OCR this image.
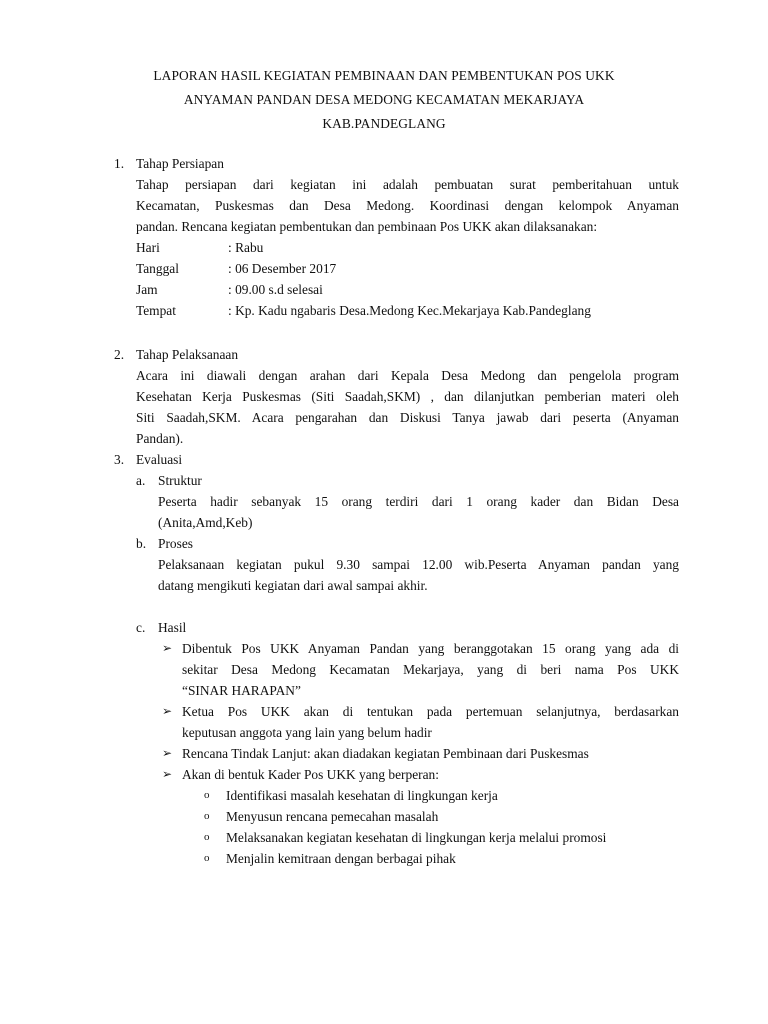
LAPORAN HASIL KEGIATAN PEMBINAAN DAN PEMBENTUKAN POS UKK
ANYAMAN PANDAN DESA MEDONG KECAMATAN MEKARJAYA
KAB.PANDEGLANG
1. Tahap Persiapan
Tahap persiapan dari kegiatan ini adalah pembuatan surat pemberitahuan untuk
Kecamatan, Puskesmas dan Desa Medong. Koordinasi dengan kelompok Anyaman
pandan. Rencana kegiatan pembentukan dan pembinaan Pos UKK akan dilaksanakan:
Hari	: Rabu
Tanggal	: 06 Desember 2017
Jam	: 09.00 s.d selesai
Tempat	: Kp. Kadu ngabaris Desa.Medong Kec.Mekarjaya Kab.Pandeglang
2. Tahap Pelaksanaan
Acara ini diawali dengan arahan dari Kepala Desa Medong dan pengelola program
Kesehatan Kerja Puskesmas (Siti Saadah,SKM) , dan dilanjutkan pemberian materi oleh
Siti Saadah,SKM. Acara pengarahan dan Diskusi Tanya jawab dari peserta (Anyaman
Pandan).
3. Evaluasi
a. Struktur
Peserta hadir sebanyak 15 orang terdiri dari 1 orang kader dan Bidan Desa
(Anita,Amd,Keb)
b. Proses
Pelaksanaan kegiatan pukul 9.30 sampai 12.00 wib.Peserta Anyaman pandan yang
datang mengikuti kegiatan dari awal sampai akhir.
c. Hasil
➢ Dibentuk Pos UKK Anyaman Pandan yang beranggotakan 15 orang yang ada di
sekitar Desa Medong Kecamatan Mekarjaya, yang di beri nama Pos UKK
“SINAR HARAPAN”
➢ Ketua Pos UKK akan di tentukan pada pertemuan selanjutnya, berdasarkan
keputusan anggota yang lain yang belum hadir
➢ Rencana Tindak Lanjut: akan diadakan kegiatan Pembinaan dari Puskesmas
➢ Akan di bentuk Kader Pos UKK yang berperan:
o Identifikasi masalah kesehatan di lingkungan kerja
o Menyusun rencana pemecahan masalah
o Melaksanakan kegiatan kesehatan di lingkungan kerja melalui promosi
o Menjalin kemitraan dengan berbagai pihak
